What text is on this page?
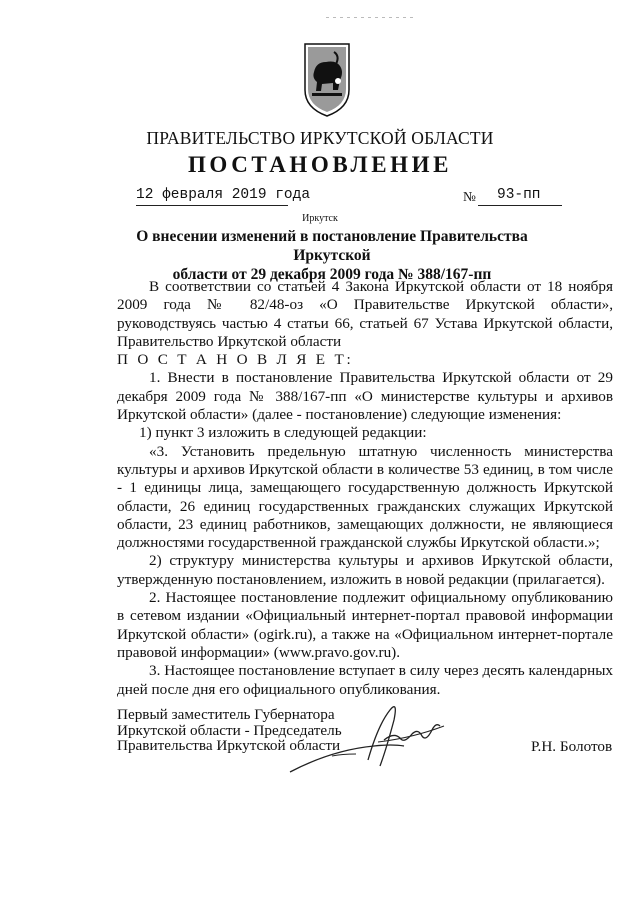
ПРАВИТЕЛЬСТВО ИРКУТСКОЙ ОБЛАСТИ
ПОСТАНОВЛЕНИЕ
12 февраля 2019 года	№ 93-пп
Иркутск
О внесении изменений в постановление Правительства Иркутской
области от 29 декабря 2009 года № 388/167-пп

В соответствии со статьей 4 Закона Иркутской области от 18 ноября 2009 года № 82/48-оз «О Правительстве Иркутской области», руководствуясь частью 4 статьи 66, статьей 67 Устава Иркутской области, Правительство Иркутской области

П О С Т А Н О В Л Я Е Т:

1. Внести в постановление Правительства Иркутской области от 29 декабря 2009 года № 388/167-пп «О министерстве культуры и архивов Иркутской области» (далее - постановление) следующие изменения:

1) пункт 3 изложить в следующей редакции:

«3. Установить предельную штатную численность министерства культуры и архивов Иркутской области в количестве 53 единиц, в том числе - 1 единицы лица, замещающего государственную должность Иркутской области, 26 единиц государственных гражданских служащих Иркутской области, 23 единиц работников, замещающих должности, не являющиеся должностями государственной гражданской службы Иркутской области.»;

2) структуру министерства культуры и архивов Иркутской области, утвержденную постановлением, изложить в новой редакции (прилагается).

2. Настоящее постановление подлежит официальному опубликованию в сетевом издании «Официальный интернет-портал правовой информации Иркутской области» (ogirk.ru), а также на «Официальном интернет-портале правовой информации» (www.pravo.gov.ru).

3. Настоящее постановление вступает в силу через десять календарных дней после дня его официального опубликования.

Первый заместитель Губернатора
Иркутской области - Председатель
Правительства Иркутской области	Р.Н. Болотов
